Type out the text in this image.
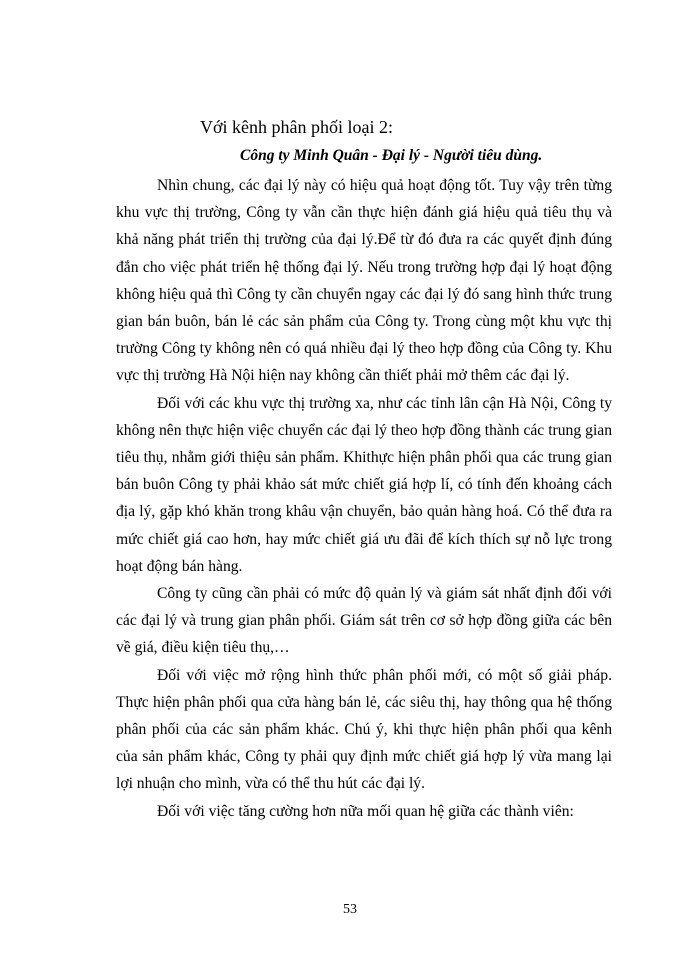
Với kênh phân phối loại 2:
Công ty Minh Quân - Đại lý - Người tiêu dùng.

Nhìn chung, các đại lý này có hiệu quả hoạt động tốt. Tuy vậy trên từng khu vực thị trường, Công ty vẫn cần thực hiện đánh giá hiệu quả tiêu thụ và khả năng phát triển thị trường của đại lý.Để từ đó đưa ra các quyết định đúng đắn cho việc phát triển hệ thống đại lý. Nếu trong trường hợp đại lý hoạt động không hiệu quả thì Công ty cần chuyển ngay các đại lý đó sang hình thức trung gian bán buôn, bán lẻ các sản phẩm của Công ty. Trong cùng một khu vực thị trường Công ty không nên có quá nhiều đại lý theo hợp đồng của Công ty. Khu vực thị trường Hà Nội hiện nay không cần thiết phải mở thêm các đại lý.

Đối với các khu vực thị trường xa, như các tỉnh lân cận Hà Nội, Công ty không nên thực hiện việc chuyển các đại lý theo hợp đồng thành các trung gian tiêu thụ, nhằm giới thiệu sản phẩm. Khithực hiện phân phối qua các trung gian bán buôn Công ty phải khảo sát mức chiết giá hợp lí, có tính đến khoảng cách địa lý, gặp khó khăn trong khâu vận chuyển, bảo quản hàng hoá. Có thể đưa ra mức chiết giá cao hơn, hay mức chiết giá ưu đãi để kích thích sự nỗ lực trong hoạt động bán hàng.

Công ty cũng cần phải có mức độ quản lý và giám sát nhất định đối với các đại lý và trung gian phân phối. Giám sát trên cơ sở hợp đồng giữa các bên về giá, điều kiện tiêu thụ,…

Đối với việc mở rộng hình thức phân phối mới, có một số giải pháp. Thực hiện phân phối qua cửa hàng bán lẻ, các siêu thị, hay thông qua hệ thống phân phối của các sản phẩm khác. Chú ý, khi thực hiện phân phối qua kênh của sản phẩm khác, Công ty phải quy định mức chiết giá hợp lý vừa mang lại lợi nhuận cho mình, vừa có thể thu hút các đại lý.

Đối với việc tăng cường hơn nữa mối quan hệ giữa các thành viên:

53
